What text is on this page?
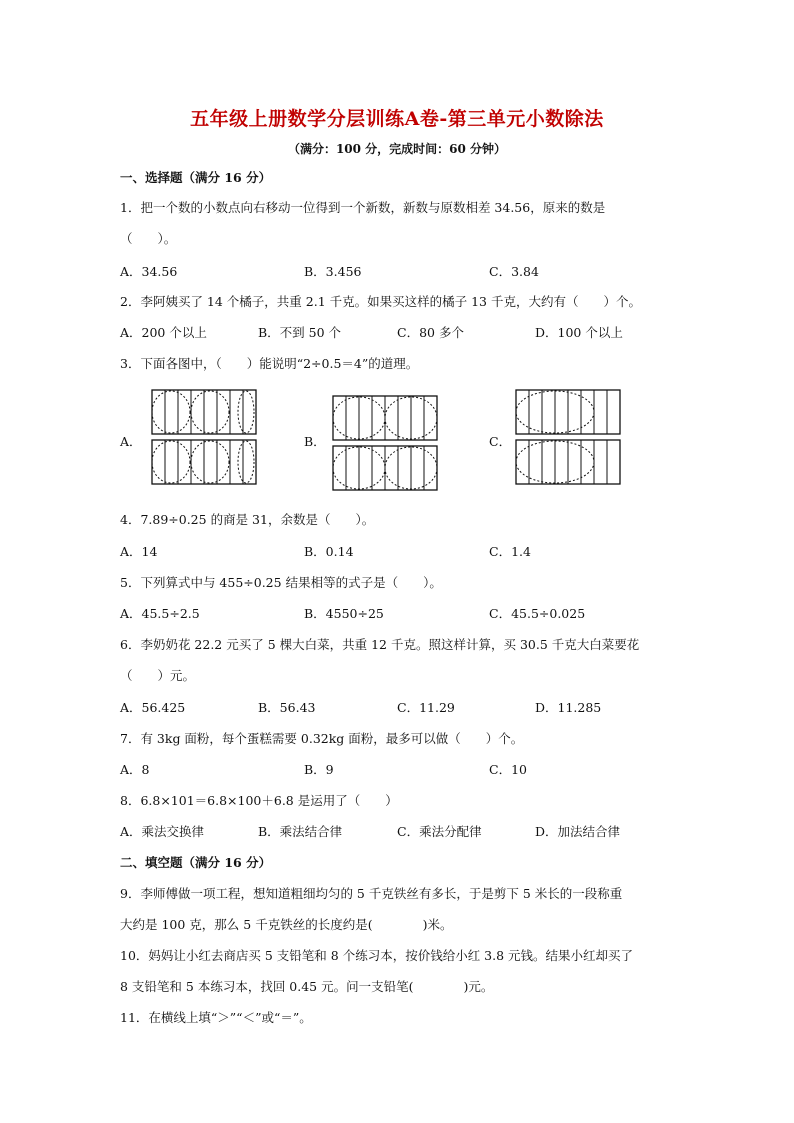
五年级上册数学分层训练A卷-第三单元小数除法
（满分：100 分，完成时间：60 分钟）
一、选择题（满分 16 分）
1．把一个数的小数点向右移动一位得到一个新数，新数与原数相差 34.56，原来的数是
（　　）。
A．34.56	B．3.456	C．3.84
2．李阿姨买了 14 个橘子，共重 2.1 千克。如果买这样的橘子 13 千克，大约有（　　）个。
A．200 个以上	B．不到 50 个	C．80 多个	D．100 个以上
3．下面各图中，（　　）能说明“2÷0.5＝4”的道理。
A．	B．	C．
4．7.89÷0.25 的商是 31，余数是（　　）。
A．14	B．0.14	C．1.4
5．下列算式中与 455÷0.25 结果相等的式子是（　　）。
A．45.5÷2.5	B．4550÷25	C．45.5÷0.025
6．李奶奶花 22.2 元买了 5 棵大白菜，共重 12 千克。照这样计算，买 30.5 千克大白菜要花
（　　）元。
A．56.425	B．56.43	C．11.29	D．11.285
7．有 3kg 面粉，每个蛋糕需要 0.32kg 面粉，最多可以做（　　）个。
A．8	B．9	C．10
8．6.8×101＝6.8×100＋6.8 是运用了（　　）
A．乘法交换律	B．乘法结合律	C．乘法分配律	D．加法结合律
二、填空题（满分 16 分）
9．李师傅做一项工程，想知道粗细均匀的 5 千克铁丝有多长，于是剪下 5 米长的一段称重
大约是 100 克，那么 5 千克铁丝的长度约是(　　　　)米。
10．妈妈让小红去商店买 5 支铅笔和 8 个练习本，按价钱给小红 3.8 元钱。结果小红却买了
8 支铅笔和 5 本练习本，找回 0.45 元。问一支铅笔(　　　　)元。
11．在横线上填“＞”“＜”或“＝”。
